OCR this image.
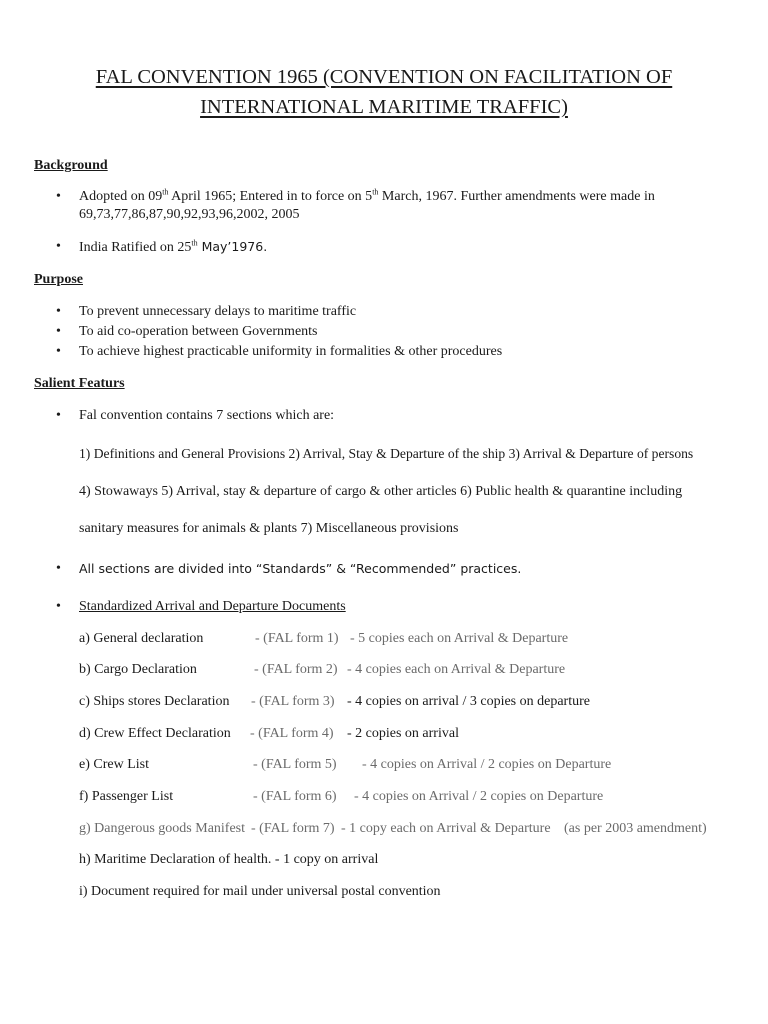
FAL CONVENTION 1965 (CONVENTION ON FACILITATION OF
INTERNATIONAL MARITIME TRAFFIC)
Background
•	Adopted on 09th April 1965; Entered in to force on 5th March, 1967. Further amendments were made in
69,73,77,86,87,90,92,93,96,2002, 2005
•	India Ratified on 25th May’1976.
Purpose
•	To prevent unnecessary delays to maritime traffic
•	To aid co-operation between Governments
•	To achieve highest practicable uniformity in formalities & other procedures
Salient Featurs
•	Fal convention contains 7 sections which are:
1) Definitions and General Provisions 2) Arrival, Stay & Departure of the ship 3) Arrival & Departure of persons
4) Stowaways 5) Arrival, stay & departure of cargo & other articles 6) Public health & quarantine including
sanitary measures for animals & plants 7) Miscellaneous provisions
•	All sections are divided into “Standards” & “Recommended” practices.
•	Standardized Arrival and Departure Documents
a) General declaration	- (FAL form 1) - 5 copies each on Arrival & Departure
b) Cargo Declaration	- (FAL form 2) - 4 copies each on Arrival & Departure
c) Ships stores Declaration - (FAL form 3) - 4 copies on arrival / 3 copies on departure
d) Crew Effect Declaration - (FAL form 4) - 2 copies on arrival
e) Crew List	- (FAL form 5) - 4 copies on Arrival / 2 copies on Departure
f) Passenger List	- (FAL form 6) - 4 copies on Arrival / 2 copies on Departure
g) Dangerous goods Manifest - (FAL form 7) - 1 copy each on Arrival & Departure (as per 2003 amendment)
h) Maritime Declaration of health. - 1 copy on arrival
i) Document required for mail under universal postal convention
